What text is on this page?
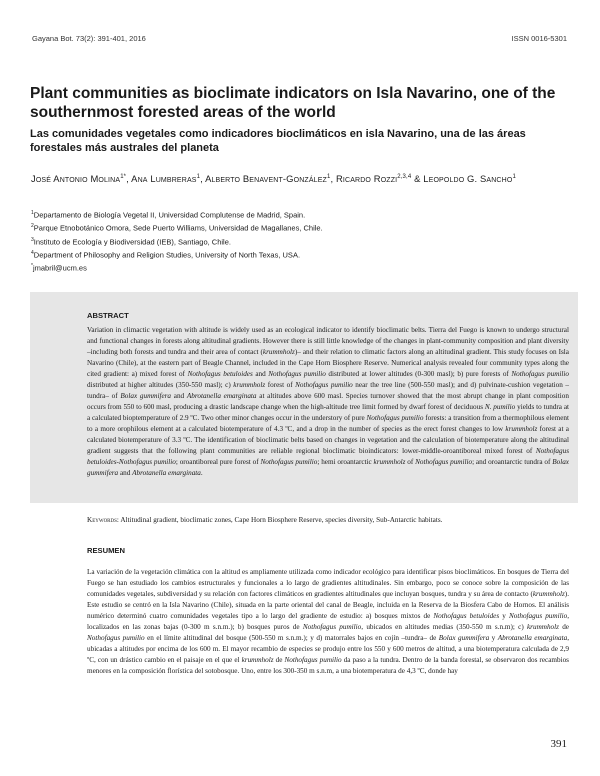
Gayana Bot. 73(2): 391-401, 2016	ISSN 0016-5301
Plant communities as bioclimate indicators on Isla Navarino, one of the southernmost forested areas of the world
Las comunidades vegetales como indicadores bioclimáticos en isla Navarino, una de las áreas forestales más australes del planeta
José Antonio Molina$^{1*}$, Ana Lumbreras$^1$, Alberto Benavent-González$^1$, Ricardo Rozzi$^{2,3,4}$ & Leopoldo G. Sancho$^1$
$^1$Departamento de Biología Vegetal II, Universidad Complutense de Madrid, Spain.
$^2$Parque Etnobotánico Omora, Sede Puerto Williams, Universidad de Magallanes, Chile.
$^3$Instituto de Ecología y Biodiversidad (IEB), Santiago, Chile.
$^4$Department of Philosophy and Religion Studies, University of North Texas, USA.
*jmabril@ucm.es
ABSTRACT

Variation in climactic vegetation with altitude is widely used as an ecological indicator to identify bioclimatic belts. Tierra del Fuego is known to undergo structural and functional changes in forests along altitudinal gradients. However there is still little knowledge of the changes in plant-community composition and plant diversity –including both forests and tundra and their area of contact (krummholz)– and their relation to climatic factors along an altitudinal gradient. This study focuses on Isla Navarino (Chile), at the eastern part of Beagle Channel, included in the Cape Horn Biosphere Reserve. Numerical analysis revealed four community types along the cited gradient: a) mixed forest of Nothofagus betuloides and Nothofagus pumilio distributed at lower altitudes (0-300 masl); b) pure forests of Nothofagus pumilio distributed at higher altitudes (350-550 masl); c) krummholz forest of Nothofagus pumilio near the tree line (500-550 masl); and d) pulvinate-cushion vegetation –tundra– of Bolax gummifera and Abrotanella emarginata at altitudes above 600 masl. Species turnover showed that the most abrupt change in plant composition occurs from 550 to 600 masl, producing a drastic landscape change when the high-altitude tree limit formed by dwarf forest of deciduous N. pumilio yields to tundra at a calculated bioptemperature of 2.9 ºC. Two other minor changes occur in the understory of pure Nothofagus pumilio forests: a transition from a thermophilous element to a more orophilous element at a calculated biotemperature of 4.3 ºC, and a drop in the number of species as the erect forest changes to low krummholz forest at a calculated biotemperature of 3.3 ºC. The identification of bioclimatic belts based on changes in vegetation and the calculation of biotemperature along the altitudinal gradient suggests that the following plant communities are reliable regional bioclimatic bioindicators: lower-middle-oroantiboreal mixed forest of Nothofagus betuloides-Nothofagus pumilio; oroantiboreal pure forest of Nothofagus pumilio; hemi oroantarctic krummholz of Nothofagus pumilio; and oroantarctic tundra of Bolax gummifera and Abrotanella emarginata.

Keywords: Altitudinal gradient, bioclimatic zones, Cape Horn Biosphere Reserve, species diversity, Sub-Antarctic habitats.
RESUMEN

La variación de la vegetación climática con la altitud es ampliamente utilizada como indicador ecológico para identificar pisos bioclimáticos. En bosques de Tierra del Fuego se han estudiado los cambios estructurales y funcionales a lo largo de gradientes altitudinales. Sin embargo, poco se conoce sobre la composición de las comunidades vegetales, subdiversidad y su relación con factores climáticos en gradientes altitudinales que incluyan bosques, tundra y su área de contacto (krummholz). Este estudio se centró en la Isla Navarino (Chile), situada en la parte oriental del canal de Beagle, incluida en la Reserva de la Biosfera Cabo de Hornos. El análisis numérico determinó cuatro comunidades vegetales tipo a lo largo del gradiente de estudio: a) bosques mixtos de Nothofagus betuloides y Nothofagus pumilio, localizados en las zonas bajas (0-300 m s.n.m.); b) bosques puros de Nothofagus pumilio, ubicados en altitudes medias (350-550 m s.n.m); c) krummholz de Nothofagus pumilio en el límite altitudinal del bosque (500-550 m s.n.m.); y d) matorrales bajos en cojín –tundra– de Bolax gummifera y Abrotanella emarginata, ubicadas a altitudes por encima de los 600 m. El mayor recambio de especies se produjo entre los 550 y 600 metros de altitud, a una biotemperatura calculada de 2,9 ºC, con un drástico cambio en el paisaje en el que el krummholz de Nothofagus pumilio da paso a la tundra. Dentro de la banda forestal, se observaron dos recambios menores en la composición florística del sotobosque. Uno, entre los 300-350 m s.n.m, a una biotemperatura de 4,3 ºC, donde hay

391
